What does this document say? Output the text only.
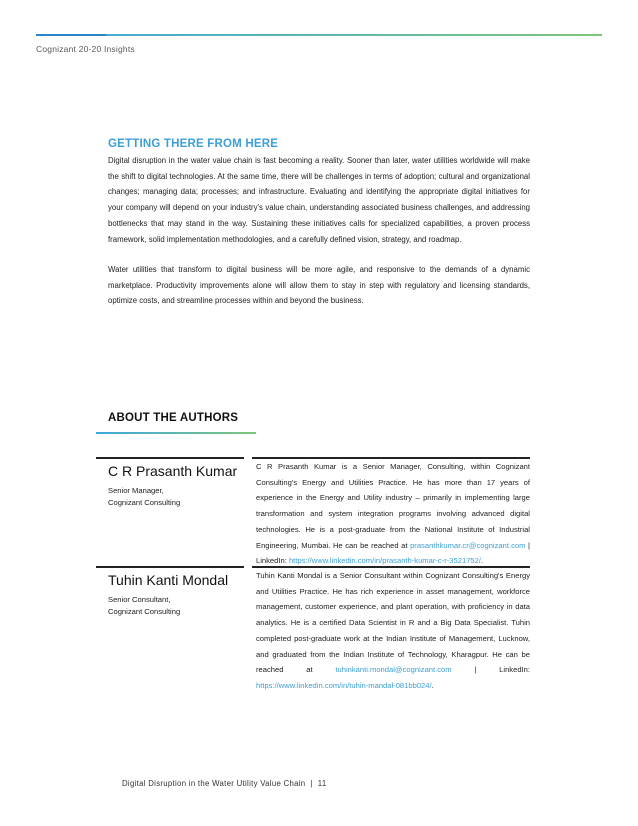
Cognizant 20-20 Insights
GETTING THERE FROM HERE

Digital disruption in the water value chain is fast becoming a reality. Sooner than later, water utilities worldwide will make the shift to digital technologies. At the same time, there will be challenges in terms of adoption; cultural and organizational changes; managing data; processes; and infrastructure. Evaluating and identifying the appropriate digital initiatives for your company will depend on your industry's value chain, understanding associated business challenges, and addressing bottlenecks that may stand in the way. Sustaining these initiatives calls for specialized capabilities, a proven process framework, solid implementation methodologies, and a carefully defined vision, strategy, and roadmap.

Water utilities that transform to digital business will be more agile, and responsive to the demands of a dynamic marketplace. Productivity improvements alone will allow them to stay in step with regulatory and licensing standards, optimize costs, and streamline processes within and beyond the business.

ABOUT THE AUTHORS
C R Prasanth Kumar
Senior Manager,
Cognizant Consulting

C R Prasanth Kumar is a Senior Manager, Consulting, within Cognizant Consulting's Energy and Utilities Practice. He has more than 17 years of experience in the Energy and Utility industry – primarily in implementing large transformation and system integration programs involving advanced digital technologies. He is a post-graduate from the National Institute of Industrial Engineering, Mumbai. He can be reached at prasanthkumar.cr@cognizant.com | LinkedIn: https://www.linkedin.com/in/prasanth-kumar-c-r-3521752/.

Tuhin Kanti Mondal
Senior Consultant,
Cognizant Consulting

Tuhin Kanti Mondal is a Senior Consultant within Cognizant Consulting's Energy and Utilities Practice. He has rich experience in asset management, workforce management, customer experience, and plant operation, with proficiency in data analytics. He is a certified Data Scientist in R and a Big Data Specialist. Tuhin completed post-graduate work at the Indian Institute of Management, Lucknow, and graduated from the Indian Institute of Technology, Kharagpur. He can be reached at tuhinkanti.mondal@cognizant.com | LinkedIn: https://www.linkedin.com/in/tuhin-mandal-081bb024/.

Digital Disruption in the Water Utility Value Chain | 11
